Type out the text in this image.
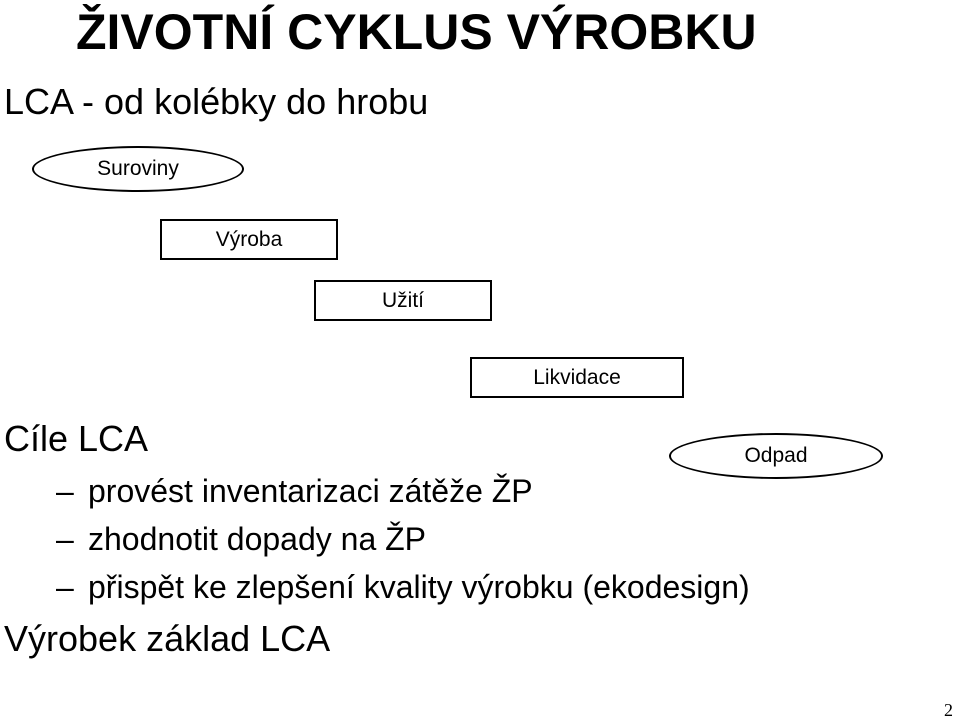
ŽIVOTNÍ CYKLUS VÝROBKU
LCA - od kolébky do hrobu
Suroviny
Výroba
Užití
Likvidace
Odpad
Cíle LCA
– provést inventarizaci zátěže ŽP
– zhodnotit dopady na ŽP
– přispět ke zlepšení kvality výrobku (ekodesign)
Výrobek základ LCA
2
